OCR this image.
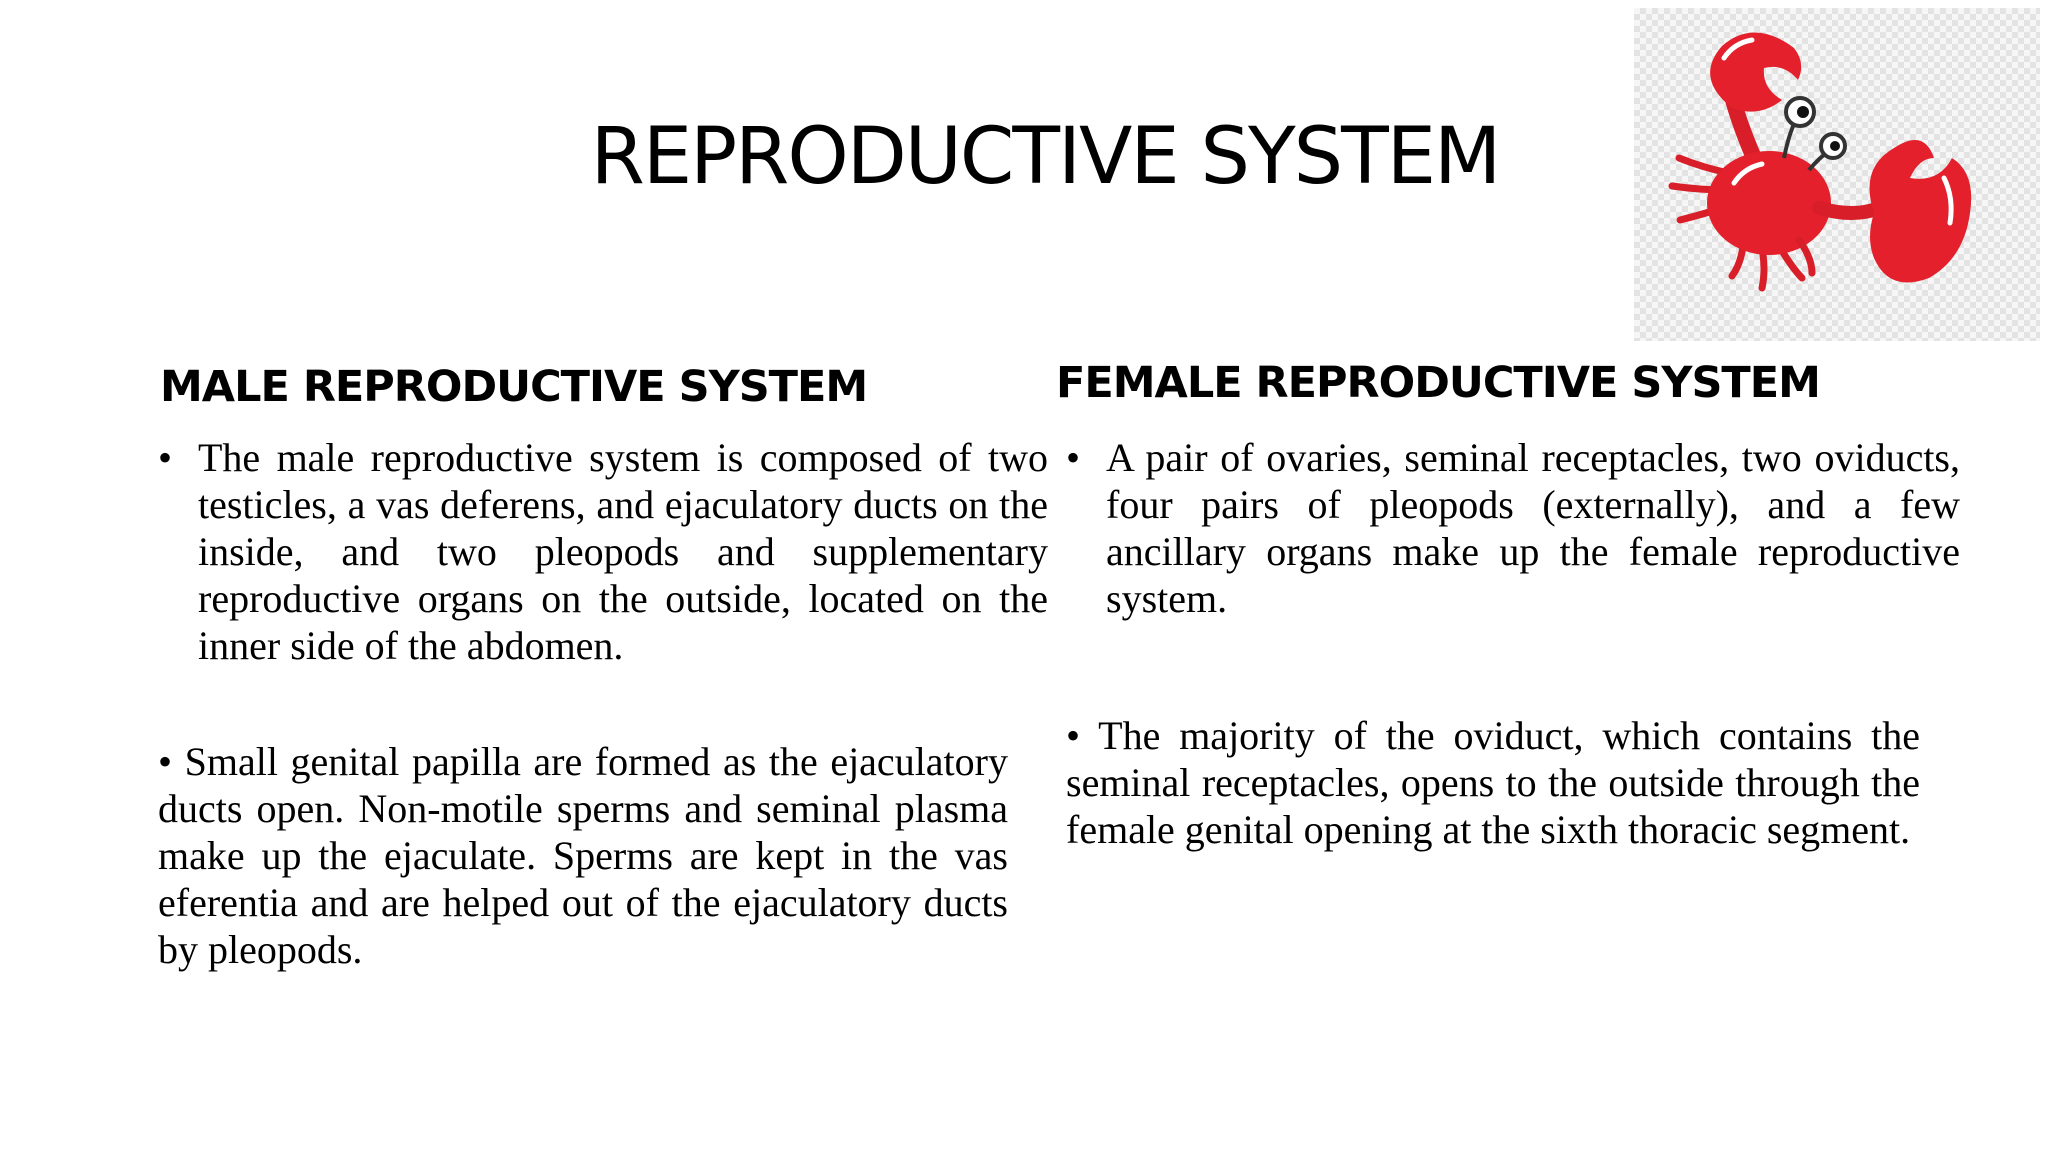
REPRODUCTIVE SYSTEM
MALE REPRODUCTIVE SYSTEM

• The male reproductive system is composed of two testicles, a vas deferens, and ejaculatory ducts on the inside, and two pleopods and supplementary reproductive organs on the outside, located on the inner side of the abdomen.

• Small genital papilla are formed as the ejaculatory ducts open. Non-motile sperms and seminal plasma make up the ejaculate. Sperms are kept in the vas eferentia and are helped out of the ejaculatory ducts by pleopods.

FEMALE REPRODUCTIVE SYSTEM

• A pair of ovaries, seminal receptacles, two oviducts, four pairs of pleopods (externally), and a few ancillary organs make up the female reproductive system.

• The majority of the oviduct, which contains the seminal receptacles, opens to the outside through the female genital opening at the sixth thoracic segment.
